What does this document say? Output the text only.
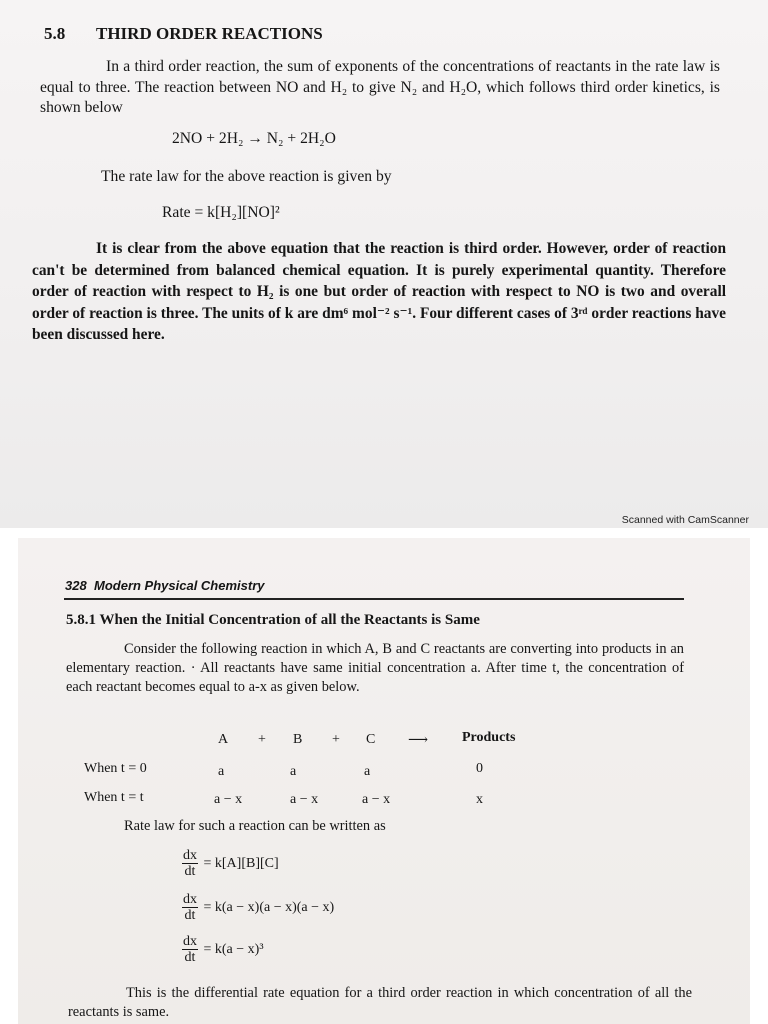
5.8 THIRD ORDER REACTIONS
In a third order reaction, the sum of exponents of the concentrations of reactants in the rate law is equal to three. The reaction between NO and H₂ to give N₂ and H₂O, which follows third order kinetics, is shown below
2NO + 2H₂ → N₂ + 2H₂O
The rate law for the above reaction is given by
Rate = k[H₂][NO]²
It is clear from the above equation that the reaction is third order. However, order of reaction can't be determined from balanced chemical equation. It is purely experimental quantity. Therefore order of reaction with respect to H₂ is one but order of reaction with respect to NO is two and overall order of reaction is three. The units of k are dm⁶ mol⁻² s⁻¹. Four different cases of 3ʳᵈ order reactions have been discussed here.
Scanned with CamScanner
328 Modern Physical Chemistry
5.8.1 When the Initial Concentration of all the Reactants is Same
Consider the following reaction in which A, B and C reactants are converting into products in an elementary reaction. · All reactants have same initial concentration a. After time t, the concentration of each reactant becomes equal to a-x as given below.
A + B + C ⟶ Products
When t = 0	a	a	a	0
When t = t	a − x	a − x	a − x	x
Rate law for such a reaction can be written as
$\frac{dx}{dt} = k[A][B][C]$
$\frac{dx}{dt} = k(a - x)(a - x)(a - x)$
$\frac{dx}{dt} = k(a - x)^3$
This is the differential rate equation for a third order reaction in which concentration of all the reactants is same.
